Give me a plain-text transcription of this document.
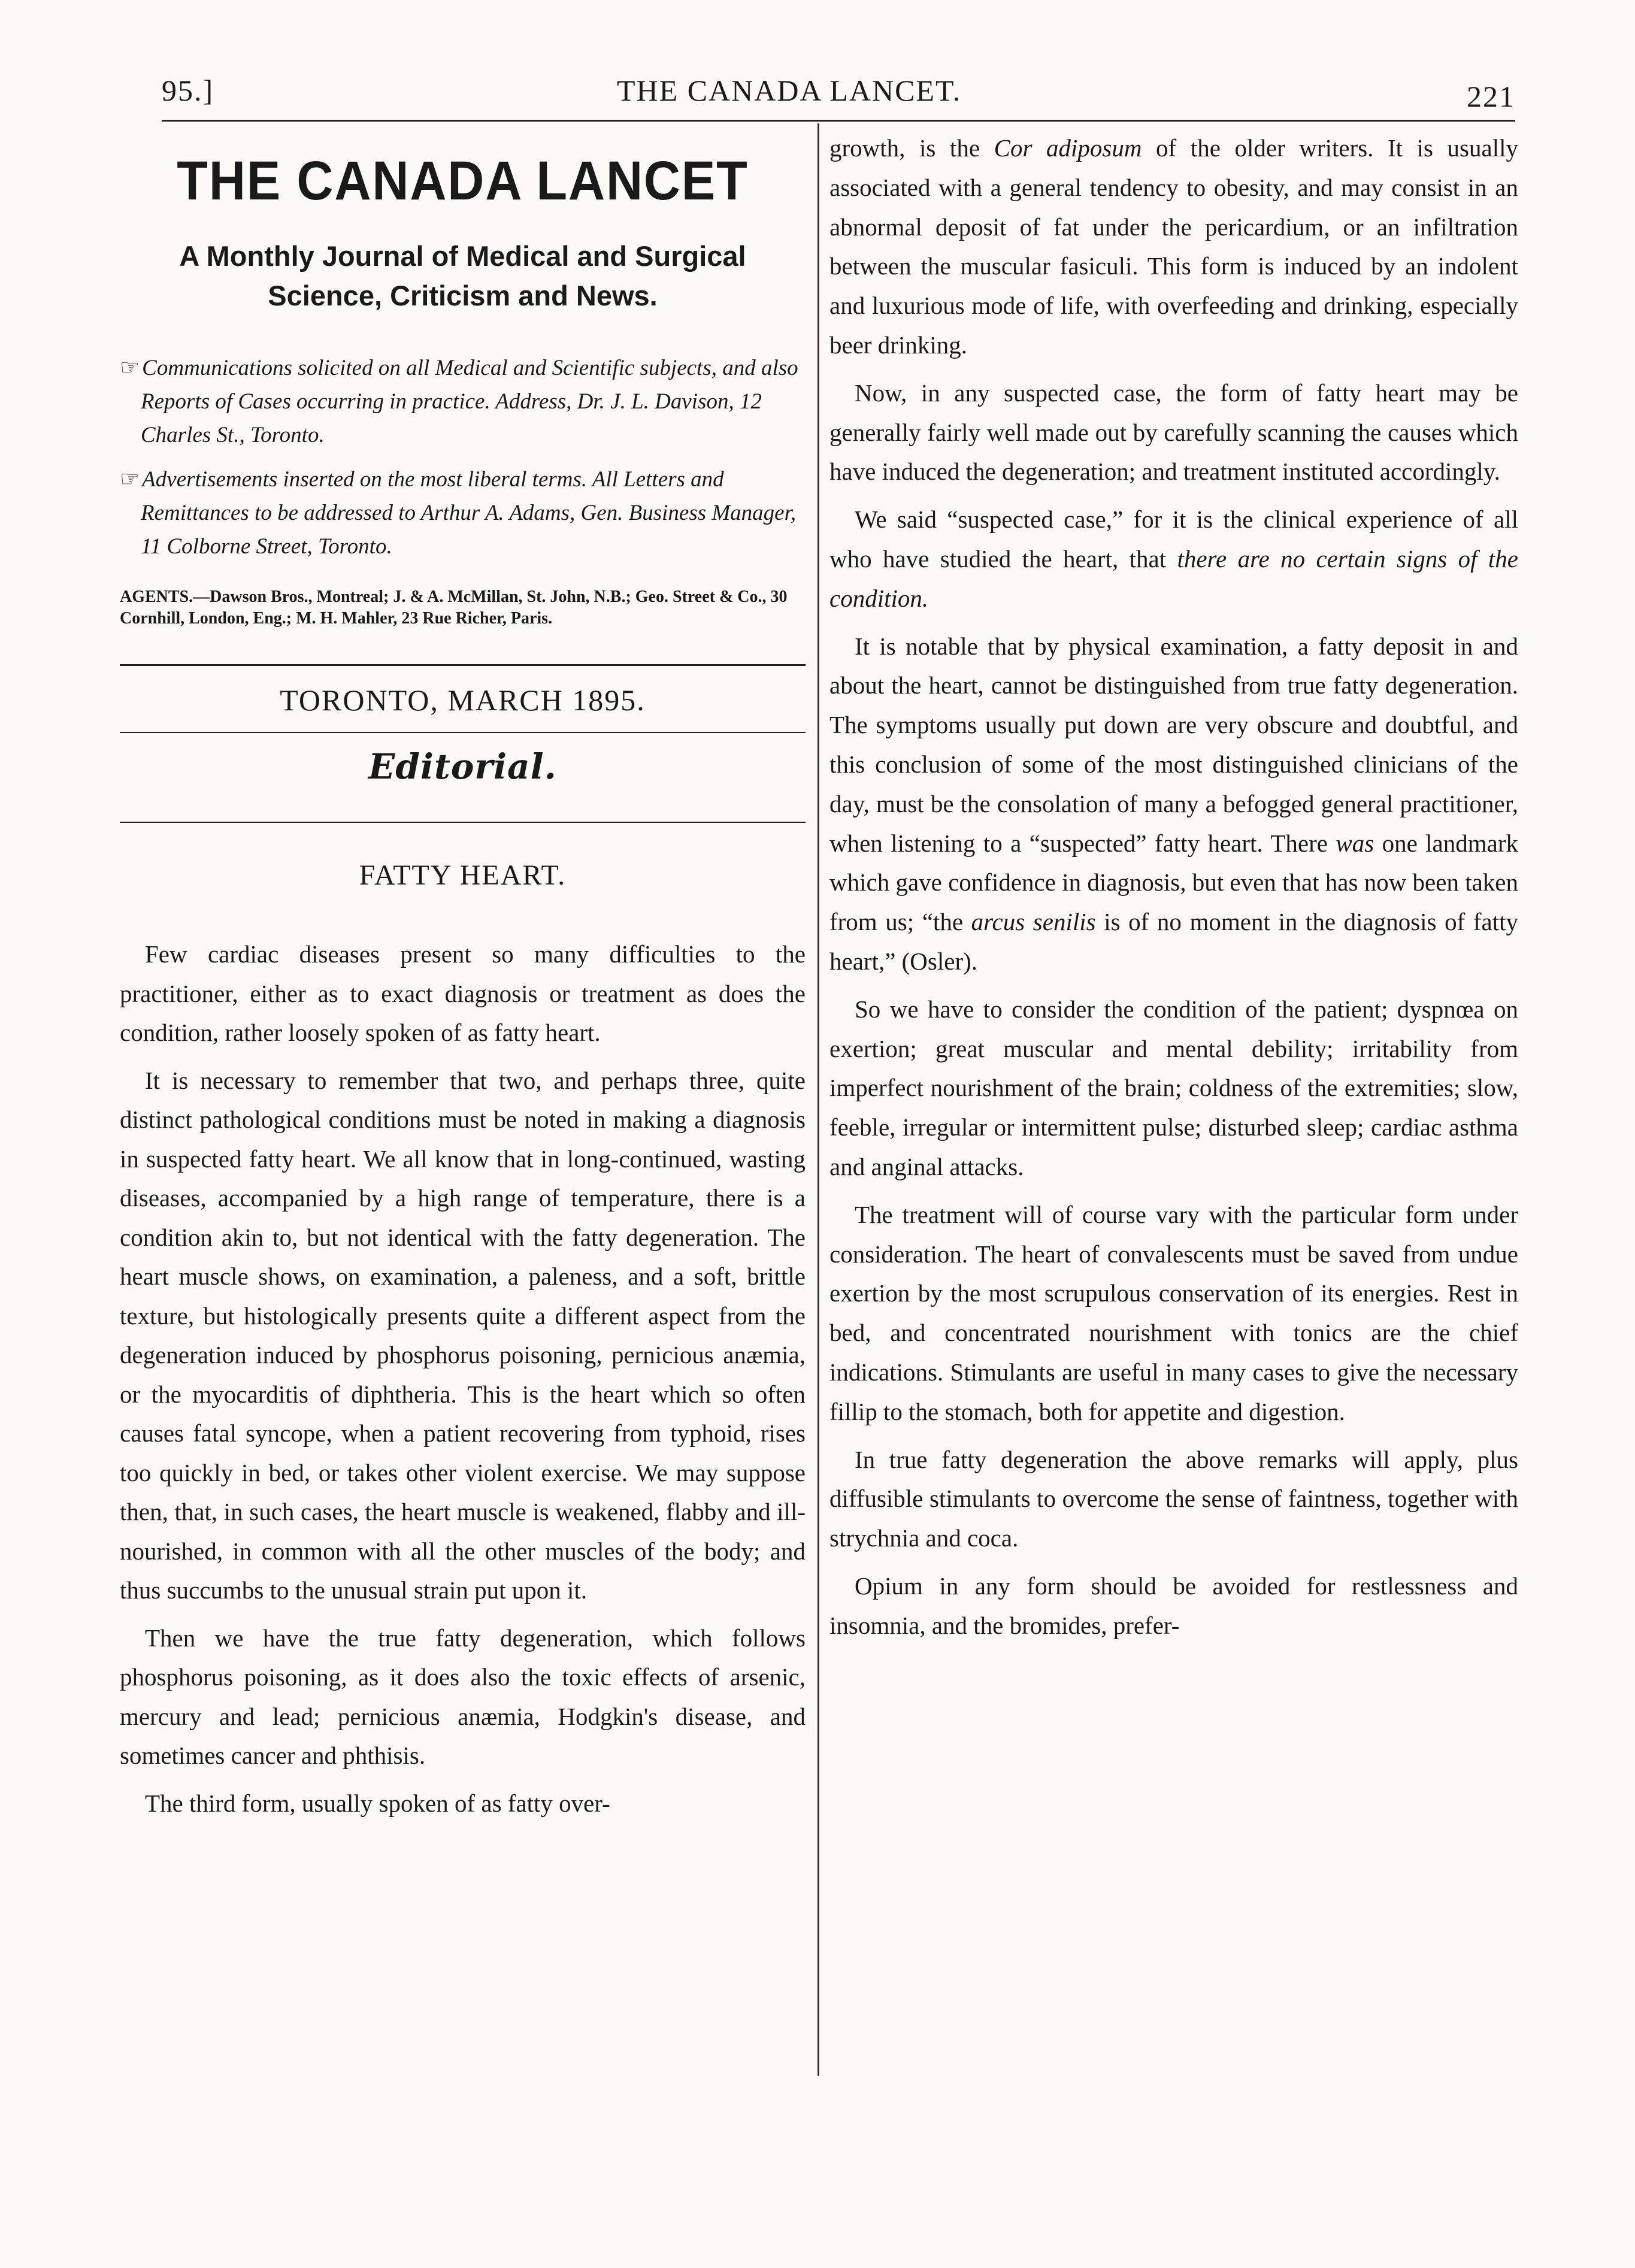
95.]	THE CANADA LANCET.	221
THE CANADA LANCET
A Monthly Journal of Medical and Surgical Science, Criticism and News.

☞ Communications solicited on all Medical and Scientific subjects, and also Reports of Cases occurring in practice. Address, Dr. J. L. Davison, 12 Charles St., Toronto.

☞ Advertisements inserted on the most liberal terms. All Letters and Remittances to be addressed to Arthur A. Adams, Gen. Business Manager, 11 Colborne Street, Toronto.

AGENTS.—Dawson Bros., Montreal; J. & A. McMillan, St. John, N.B.; Geo. Street & Co., 30 Cornhill, London, Eng.; M. H. Mahler, 23 Rue Richer, Paris.
TORONTO, MARCH 1895.
Editorial.
FATTY HEART.

Few cardiac diseases present so many difficulties to the practitioner, either as to exact diagnosis or treatment as does the condition, rather loosely spoken of as fatty heart.

It is necessary to remember that two, and perhaps three, quite distinct pathological conditions must be noted in making a diagnosis in suspected fatty heart. We all know that in long-continued, wasting diseases, accompanied by a high range of temperature, there is a condition akin to, but not identical with the fatty degeneration. The heart muscle shows, on examination, a paleness, and a soft, brittle texture, but histologically presents quite a different aspect from the degeneration induced by phosphorus poisoning, pernicious anæmia, or the myocarditis of diphtheria. This is the heart which so often causes fatal syncope, when a patient recovering from typhoid, rises too quickly in bed, or takes other violent exercise. We may suppose then, that, in such cases, the heart muscle is weakened, flabby and ill-nourished, in common with all the other muscles of the body; and thus succumbs to the unusual strain put upon it.

Then we have the true fatty degeneration, which follows phosphorus poisoning, as it does also the toxic effects of arsenic, mercury and lead; pernicious anæmia, Hodgkin's disease, and sometimes cancer and phthisis.

The third form, usually spoken of as fatty over-

growth, is the Cor adiposum of the older writers. It is usually associated with a general tendency to obesity, and may consist in an abnormal deposit of fat under the pericardium, or an infiltration between the muscular fasiculi. This form is induced by an indolent and luxurious mode of life, with overfeeding and drinking, especially beer drinking.

Now, in any suspected case, the form of fatty heart may be generally fairly well made out by carefully scanning the causes which have induced the degeneration; and treatment instituted accordingly.

We said “suspected case,” for it is the clinical experience of all who have studied the heart, that there are no certain signs of the condition.

It is notable that by physical examination, a fatty deposit in and about the heart, cannot be distinguished from true fatty degeneration. The symptoms usually put down are very obscure and doubtful, and this conclusion of some of the most distinguished clinicians of the day, must be the consolation of many a befogged general practitioner, when listening to a “suspected” fatty heart. There was one landmark which gave confidence in diagnosis, but even that has now been taken from us; “the arcus senilis is of no moment in the diagnosis of fatty heart,” (Osler).

So we have to consider the condition of the patient; dyspnœa on exertion; great muscular and mental debility; irritability from imperfect nourishment of the brain; coldness of the extremities; slow, feeble, irregular or intermittent pulse; disturbed sleep; cardiac asthma and anginal attacks.

The treatment will of course vary with the particular form under consideration. The heart of convalescents must be saved from undue exertion by the most scrupulous conservation of its energies. Rest in bed, and concentrated nourishment with tonics are the chief indications. Stimulants are useful in many cases to give the necessary fillip to the stomach, both for appetite and digestion.

In true fatty degeneration the above remarks will apply, plus diffusible stimulants to overcome the sense of faintness, together with strychnia and coca.

Opium in any form should be avoided for restlessness and insomnia, and the bromides, prefer-
